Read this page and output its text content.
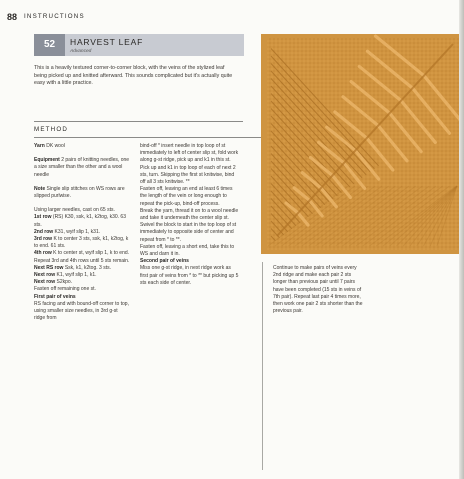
88 INSTRUCTIONS
52	HARVEST LEAF
Advanced
This is a heavily textured corner-to-corner block, with the veins of the stylized leaf being picked up and knitted afterward. This sounds complicated but it's actually quite easy with a little practice.
METHOD

Yarn DK wool

Equipment 2 pairs of knitting needles, one a size smaller than the other and a wool needle

Note Single slip stitches on WS rows are slipped purlwise.

Using larger needles, cast on 65 sts.

1st row (RS) K30, ssk, k1, k2tog, k30. 63 sts.

2nd row K31, wyif slip 1, k31.

3rd row K to center 3 sts, ssk, k1, k2tog, k to end. 61 sts.

4th row K to center st, wyif slip 1, k to end. Repeat 3rd and 4th rows until 5 sts remain.

Next RS row Ssk, k1, k2tog. 3 sts.

Next row K1, wyif slip 1, k1.

Next row S2kpo.

Fasten off remaining one st.

First pair of veins

RS facing and with bound-off corner to top, using smaller size needles, in 3rd g-st ridge from

bind-off * insert needle in top loop of st immediately to left of center slip st, fold work along g-st ridge, pick up and k1 in this st. Pick up and k1 in top loop of each of next 2 sts, turn. Skipping the first st knitwise, bind off all 3 sts knitwise. **

Fasten off, leaving an end at least 6 times the length of the vein or long enough to repeat the pick-up, bind-off process.

Break the yarn, thread it on to a wool needle and take it underneath the center slip st. Swivel the block to start in the top loop of st immediately to opposite side of center and repeat from * to **.

Fasten off, leaving a short end, take this to WS and darn it in.

Second pair of veins

Miss one g-st ridge, in next ridge work as first pair of veins from * to ** but picking up 5 sts each side of center.

Continue to make pairs of veins every 2nd ridge and make each pair 2 sts longer than previous pair until 7 pairs have been completed (15 sts in veins of 7th pair). Repeat last pair 4 times more, then work one pair 2 sts shorter than the previous pair.
